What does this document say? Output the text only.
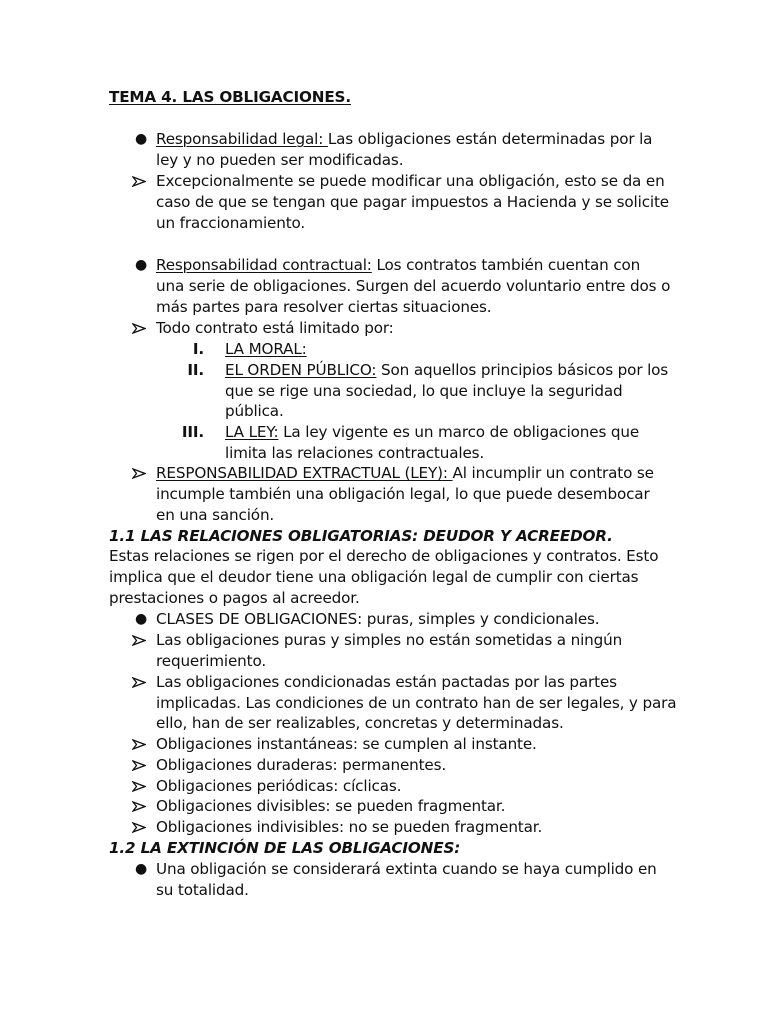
TEMA 4. LAS OBLIGACIONES.
● Responsabilidad legal: Las obligaciones están determinadas por la
ley y no pueden ser modificadas.
Excepcionalmente se puede modificar una obligación, esto se da en
caso de que se tengan que pagar impuestos a Hacienda y se solicite
un fraccionamiento.
● Responsabilidad contractual: Los contratos también cuentan con
una serie de obligaciones. Surgen del acuerdo voluntario entre dos o
más partes para resolver ciertas situaciones.
Todo contrato está limitado por:
I. LA MORAL:
II. EL ORDEN PÚBLICO: Son aquellos principios básicos por los
que se rige una sociedad, lo que incluye la seguridad
pública.
III. LA LEY: La ley vigente es un marco de obligaciones que
limita las relaciones contractuales.
RESPONSABILIDAD EXTRACTUAL (LEY): Al incumplir un contrato se
incumple también una obligación legal, lo que puede desembocar
en una sanción.
1.1 LAS RELACIONES OBLIGATORIAS: DEUDOR Y ACREEDOR.
Estas relaciones se rigen por el derecho de obligaciones y contratos. Esto
implica que el deudor tiene una obligación legal de cumplir con ciertas
prestaciones o pagos al acreedor.
● CLASES DE OBLIGACIONES: puras, simples y condicionales.
Las obligaciones puras y simples no están sometidas a ningún
requerimiento.
Las obligaciones condicionadas están pactadas por las partes
implicadas. Las condiciones de un contrato han de ser legales, y para
ello, han de ser realizables, concretas y determinadas.
Obligaciones instantáneas: se cumplen al instante.
Obligaciones duraderas: permanentes.
Obligaciones periódicas: cíclicas.
Obligaciones divisibles: se pueden fragmentar.
Obligaciones indivisibles: no se pueden fragmentar.
1.2 LA EXTINCIÓN DE LAS OBLIGACIONES:
● Una obligación se considerará extinta cuando se haya cumplido en
su totalidad.
